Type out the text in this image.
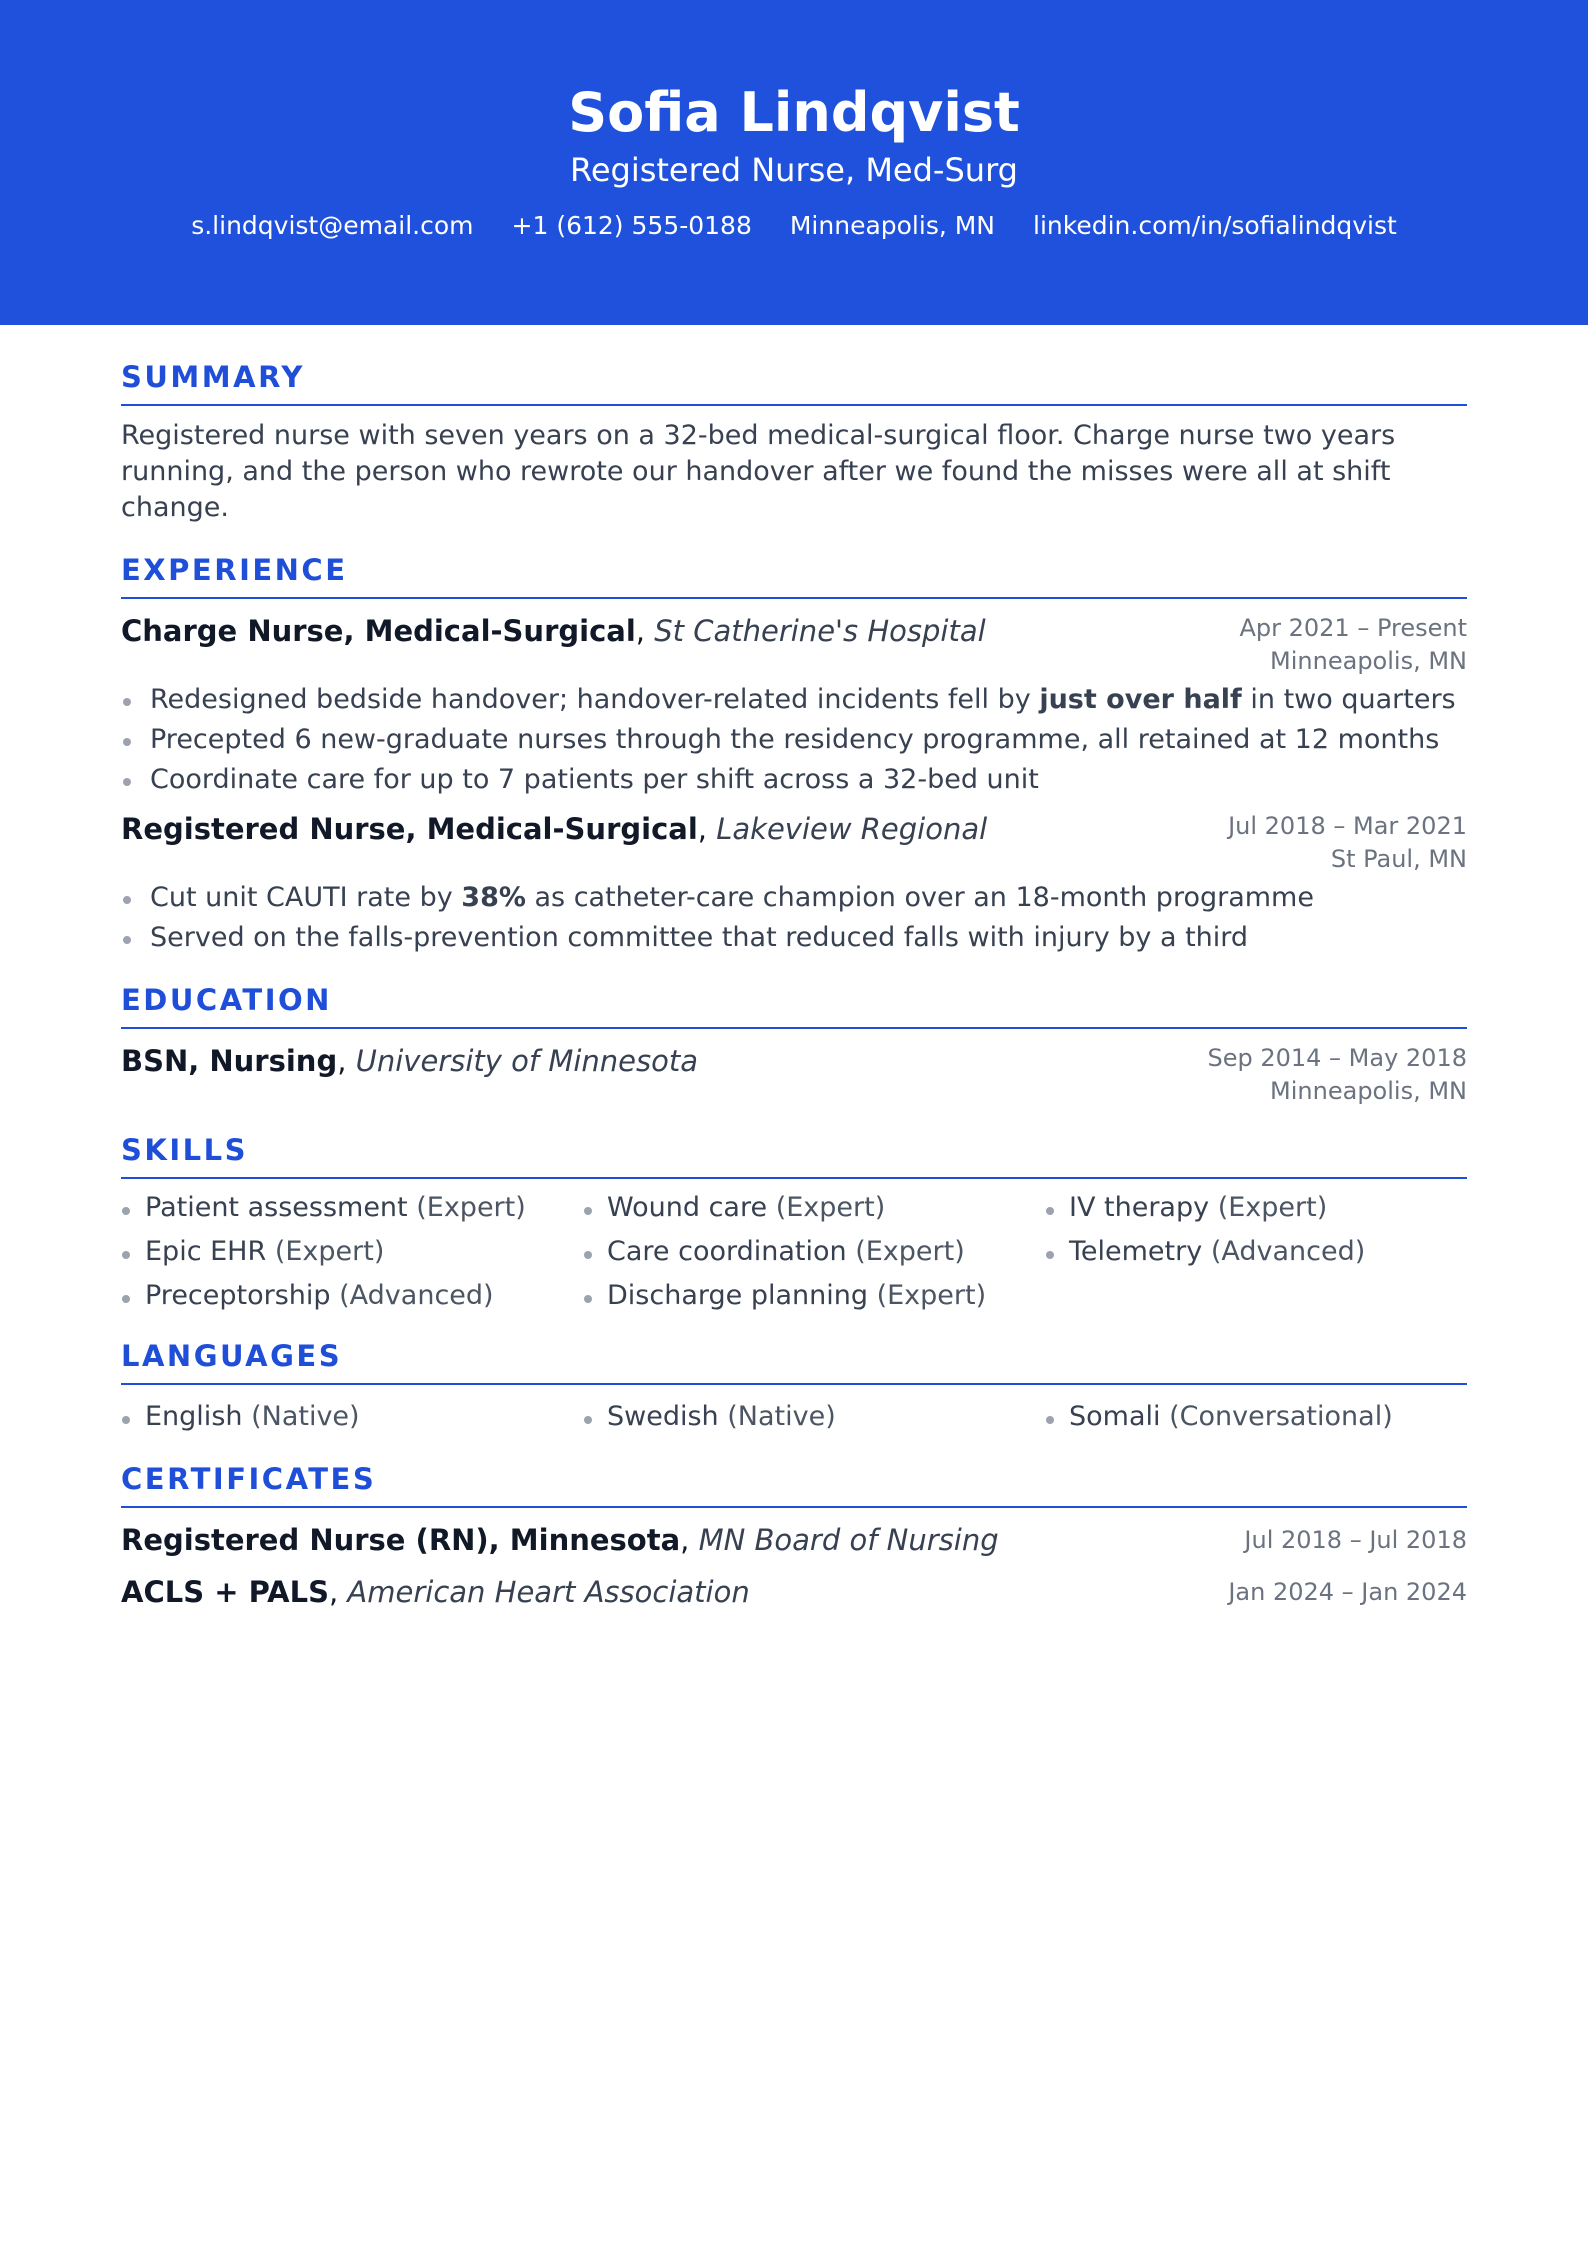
Sofia Lindqvist
Registered Nurse, Med-Surg
s.lindqvist@email.com +1 (612) 555-0188 Minneapolis, MN linkedin.com/in/sofialindqvist
SUMMARY
Registered nurse with seven years on a 32-bed medical-surgical floor. Charge nurse two years running, and the person who rewrote our handover after we found the misses were all at shift change.
EXPERIENCE
Charge Nurse, Medical-Surgical, St Catherine's Hospital	Apr 2021 – Present
Minneapolis, MN
Redesigned bedside handover; handover-related incidents fell by just over half in two quarters
Precepted 6 new-graduate nurses through the residency programme, all retained at 12 months
Coordinate care for up to 7 patients per shift across a 32-bed unit
Registered Nurse, Medical-Surgical, Lakeview Regional	Jul 2018 – Mar 2021
St Paul, MN
Cut unit CAUTI rate by 38% as catheter-care champion over an 18-month programme
Served on the falls-prevention committee that reduced falls with injury by a third
EDUCATION
BSN, Nursing, University of Minnesota	Sep 2014 – May 2018
Minneapolis, MN
SKILLS
Patient assessment (Expert)	Wound care (Expert)	IV therapy (Expert)
Epic EHR (Expert)	Care coordination (Expert)	Telemetry (Advanced)
Preceptorship (Advanced)	Discharge planning (Expert)
LANGUAGES
English (Native)	Swedish (Native)	Somali (Conversational)
CERTIFICATES
Registered Nurse (RN), Minnesota, MN Board of Nursing	Jul 2018 – Jul 2018
ACLS + PALS, American Heart Association	Jan 2024 – Jan 2024
